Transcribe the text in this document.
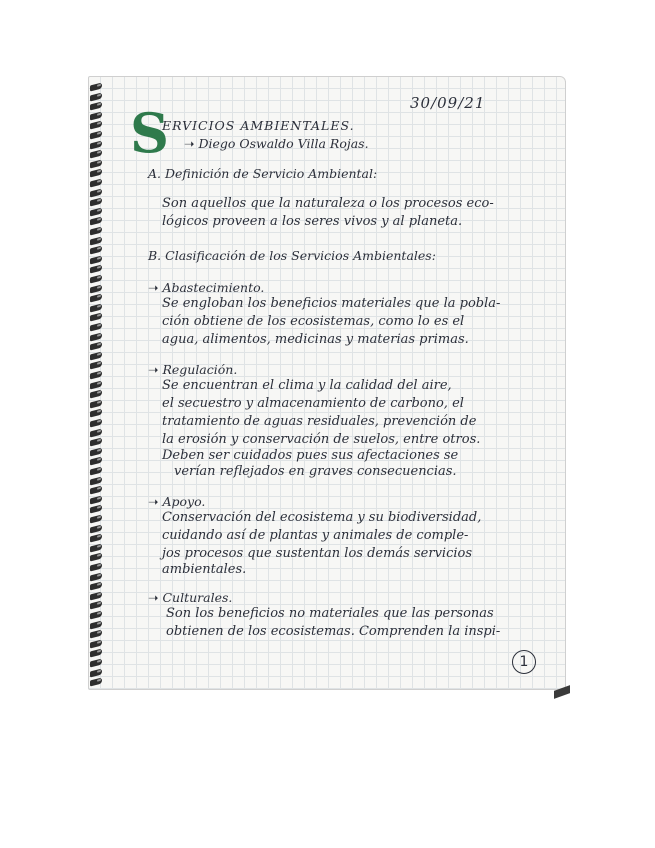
30/09/21

S

ERVICIOS AMBIENTALES.

➝ Diego Oswaldo Villa Rojas.

A. Definición de Servicio Ambiental:

Son aquellos que la naturaleza o los procesos eco-

lógicos proveen a los seres vivos y al planeta.

B. Clasificación de los Servicios Ambientales:

➝ Abastecimiento.

Se engloban los beneficios materiales que la pobla-

ción obtiene de los ecosistemas, como lo es el

agua, alimentos, medicinas y materias primas.

➝ Regulación.

Se encuentran el clima y la calidad del aire,

el secuestro y almacenamiento de carbono, el

tratamiento de aguas residuales, prevención de

la erosión y conservación de suelos, entre otros.

Deben ser cuidados pues sus afectaciones se

verían reflejados en graves consecuencias.

➝ Apoyo.

Conservación del ecosistema y su biodiversidad,

cuidando así de plantas y animales de comple-

jos procesos que sustentan los demás servicios

ambientales.

➝ Culturales.

Son los beneficios no materiales que las personas

obtienen de los ecosistemas. Comprenden la inspi-

1
